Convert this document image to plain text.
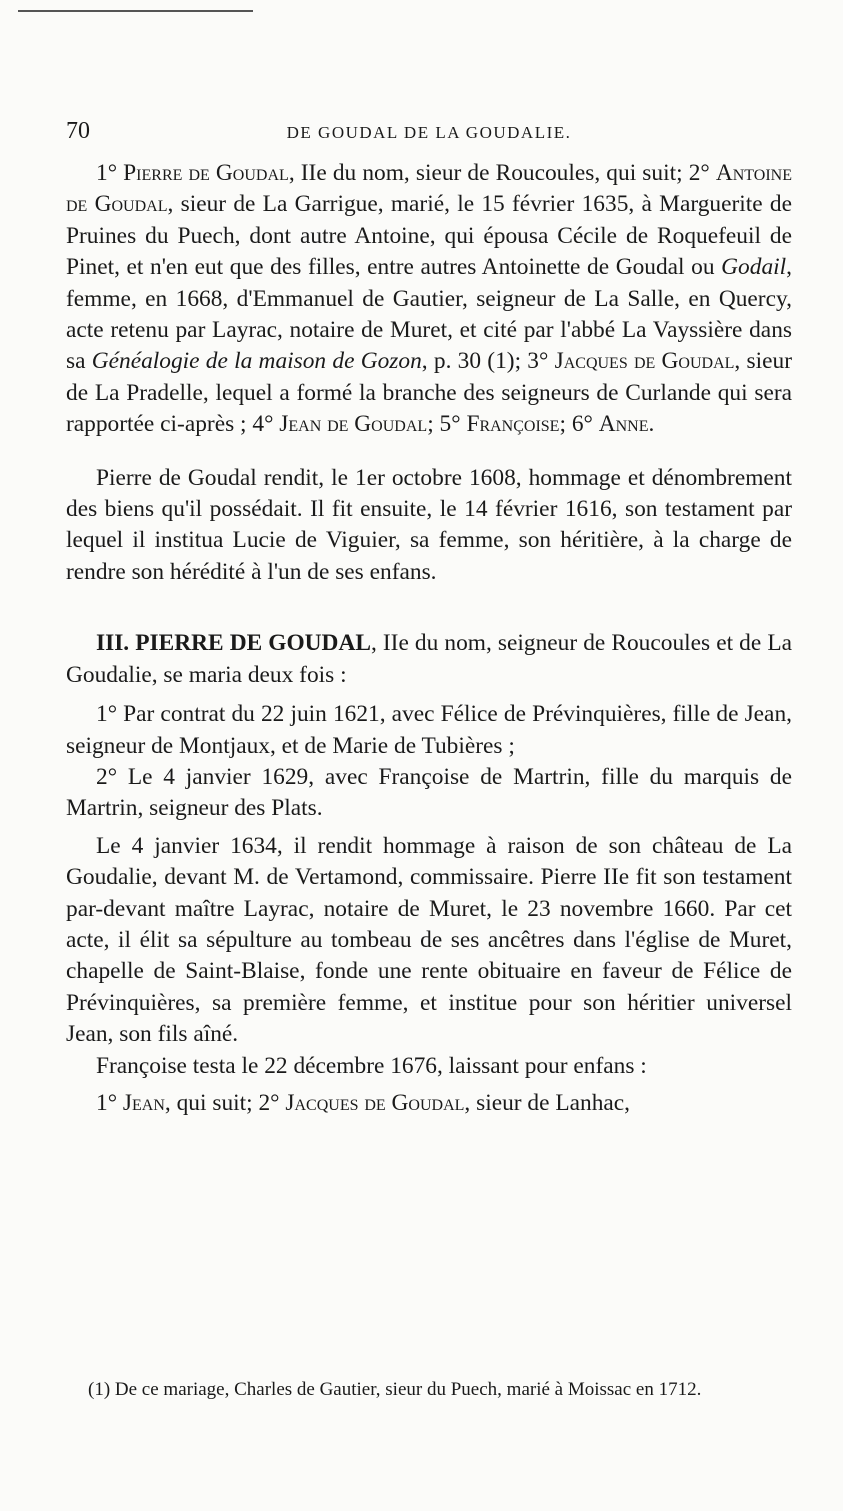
70	DE GOUDAL DE LA GOUDALIE.

1° Pierre de Goudal, IIe du nom, sieur de Roucoules, qui suit; 2° Antoine de Goudal, sieur de La Garrigue, marié, le 15 février 1635, à Marguerite de Pruines du Puech, dont autre Antoine, qui épousa Cécile de Roquefeuil de Pinet, et n'en eut que des filles, entre autres Antoinette de Goudal ou Godail, femme, en 1668, d'Emmanuel de Gautier, seigneur de La Salle, en Quercy, acte retenu par Layrac, notaire de Muret, et cité par l'abbé La Vayssière dans sa Généalogie de la maison de Gozon, p. 30 (1); 3° Jacques de Goudal, sieur de La Pradelle, lequel a formé la branche des seigneurs de Curlande qui sera rapportée ci-après ; 4° Jean de Goudal; 5° Françoise; 6° Anne.

Pierre de Goudal rendit, le 1er octobre 1608, hommage et dénombrement des biens qu'il possédait. Il fit ensuite, le 14 février 1616, son testament par lequel il institua Lucie de Viguier, sa femme, son héritière, à la charge de rendre son hérédité à l'un de ses enfans.

III. PIERRE DE GOUDAL, IIe du nom, seigneur de Roucoules et de La Goudalie, se maria deux fois :

1° Par contrat du 22 juin 1621, avec Félice de Prévinquières, fille de Jean, seigneur de Montjaux, et de Marie de Tubières ;

2° Le 4 janvier 1629, avec Françoise de Martrin, fille du marquis de Martrin, seigneur des Plats.

Le 4 janvier 1634, il rendit hommage à raison de son château de La Goudalie, devant M. de Vertamond, commissaire. Pierre IIe fit son testament par-devant maître Layrac, notaire de Muret, le 23 novembre 1660. Par cet acte, il élit sa sépulture au tombeau de ses ancêtres dans l'église de Muret, chapelle de Saint-Blaise, fonde une rente obituaire en faveur de Félice de Prévinquières, sa première femme, et institue pour son héritier universel Jean, son fils aîné.

Françoise testa le 22 décembre 1676, laissant pour enfans :

1° Jean, qui suit; 2° Jacques de Goudal, sieur de Lanhac,

(1) De ce mariage, Charles de Gautier, sieur du Puech, marié à Moissac en 1712.
